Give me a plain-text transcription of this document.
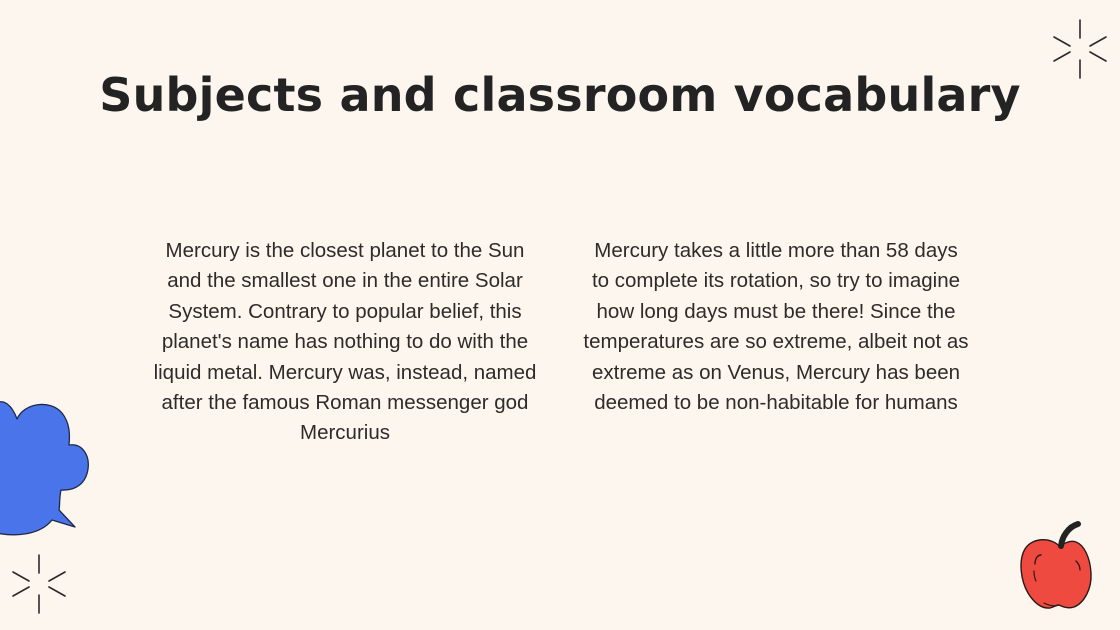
Subjects and classroom vocabulary

Mercury is the closest planet to the Sun and the smallest one in the entire Solar System. Contrary to popular belief, this planet's name has nothing to do with the liquid metal. Mercury was, instead, named after the famous Roman messenger god Mercurius

Mercury takes a little more than 58 days to complete its rotation, so try to imagine how long days must be there! Since the temperatures are so extreme, albeit not as extreme as on Venus, Mercury has been deemed to be non-habitable for humans
